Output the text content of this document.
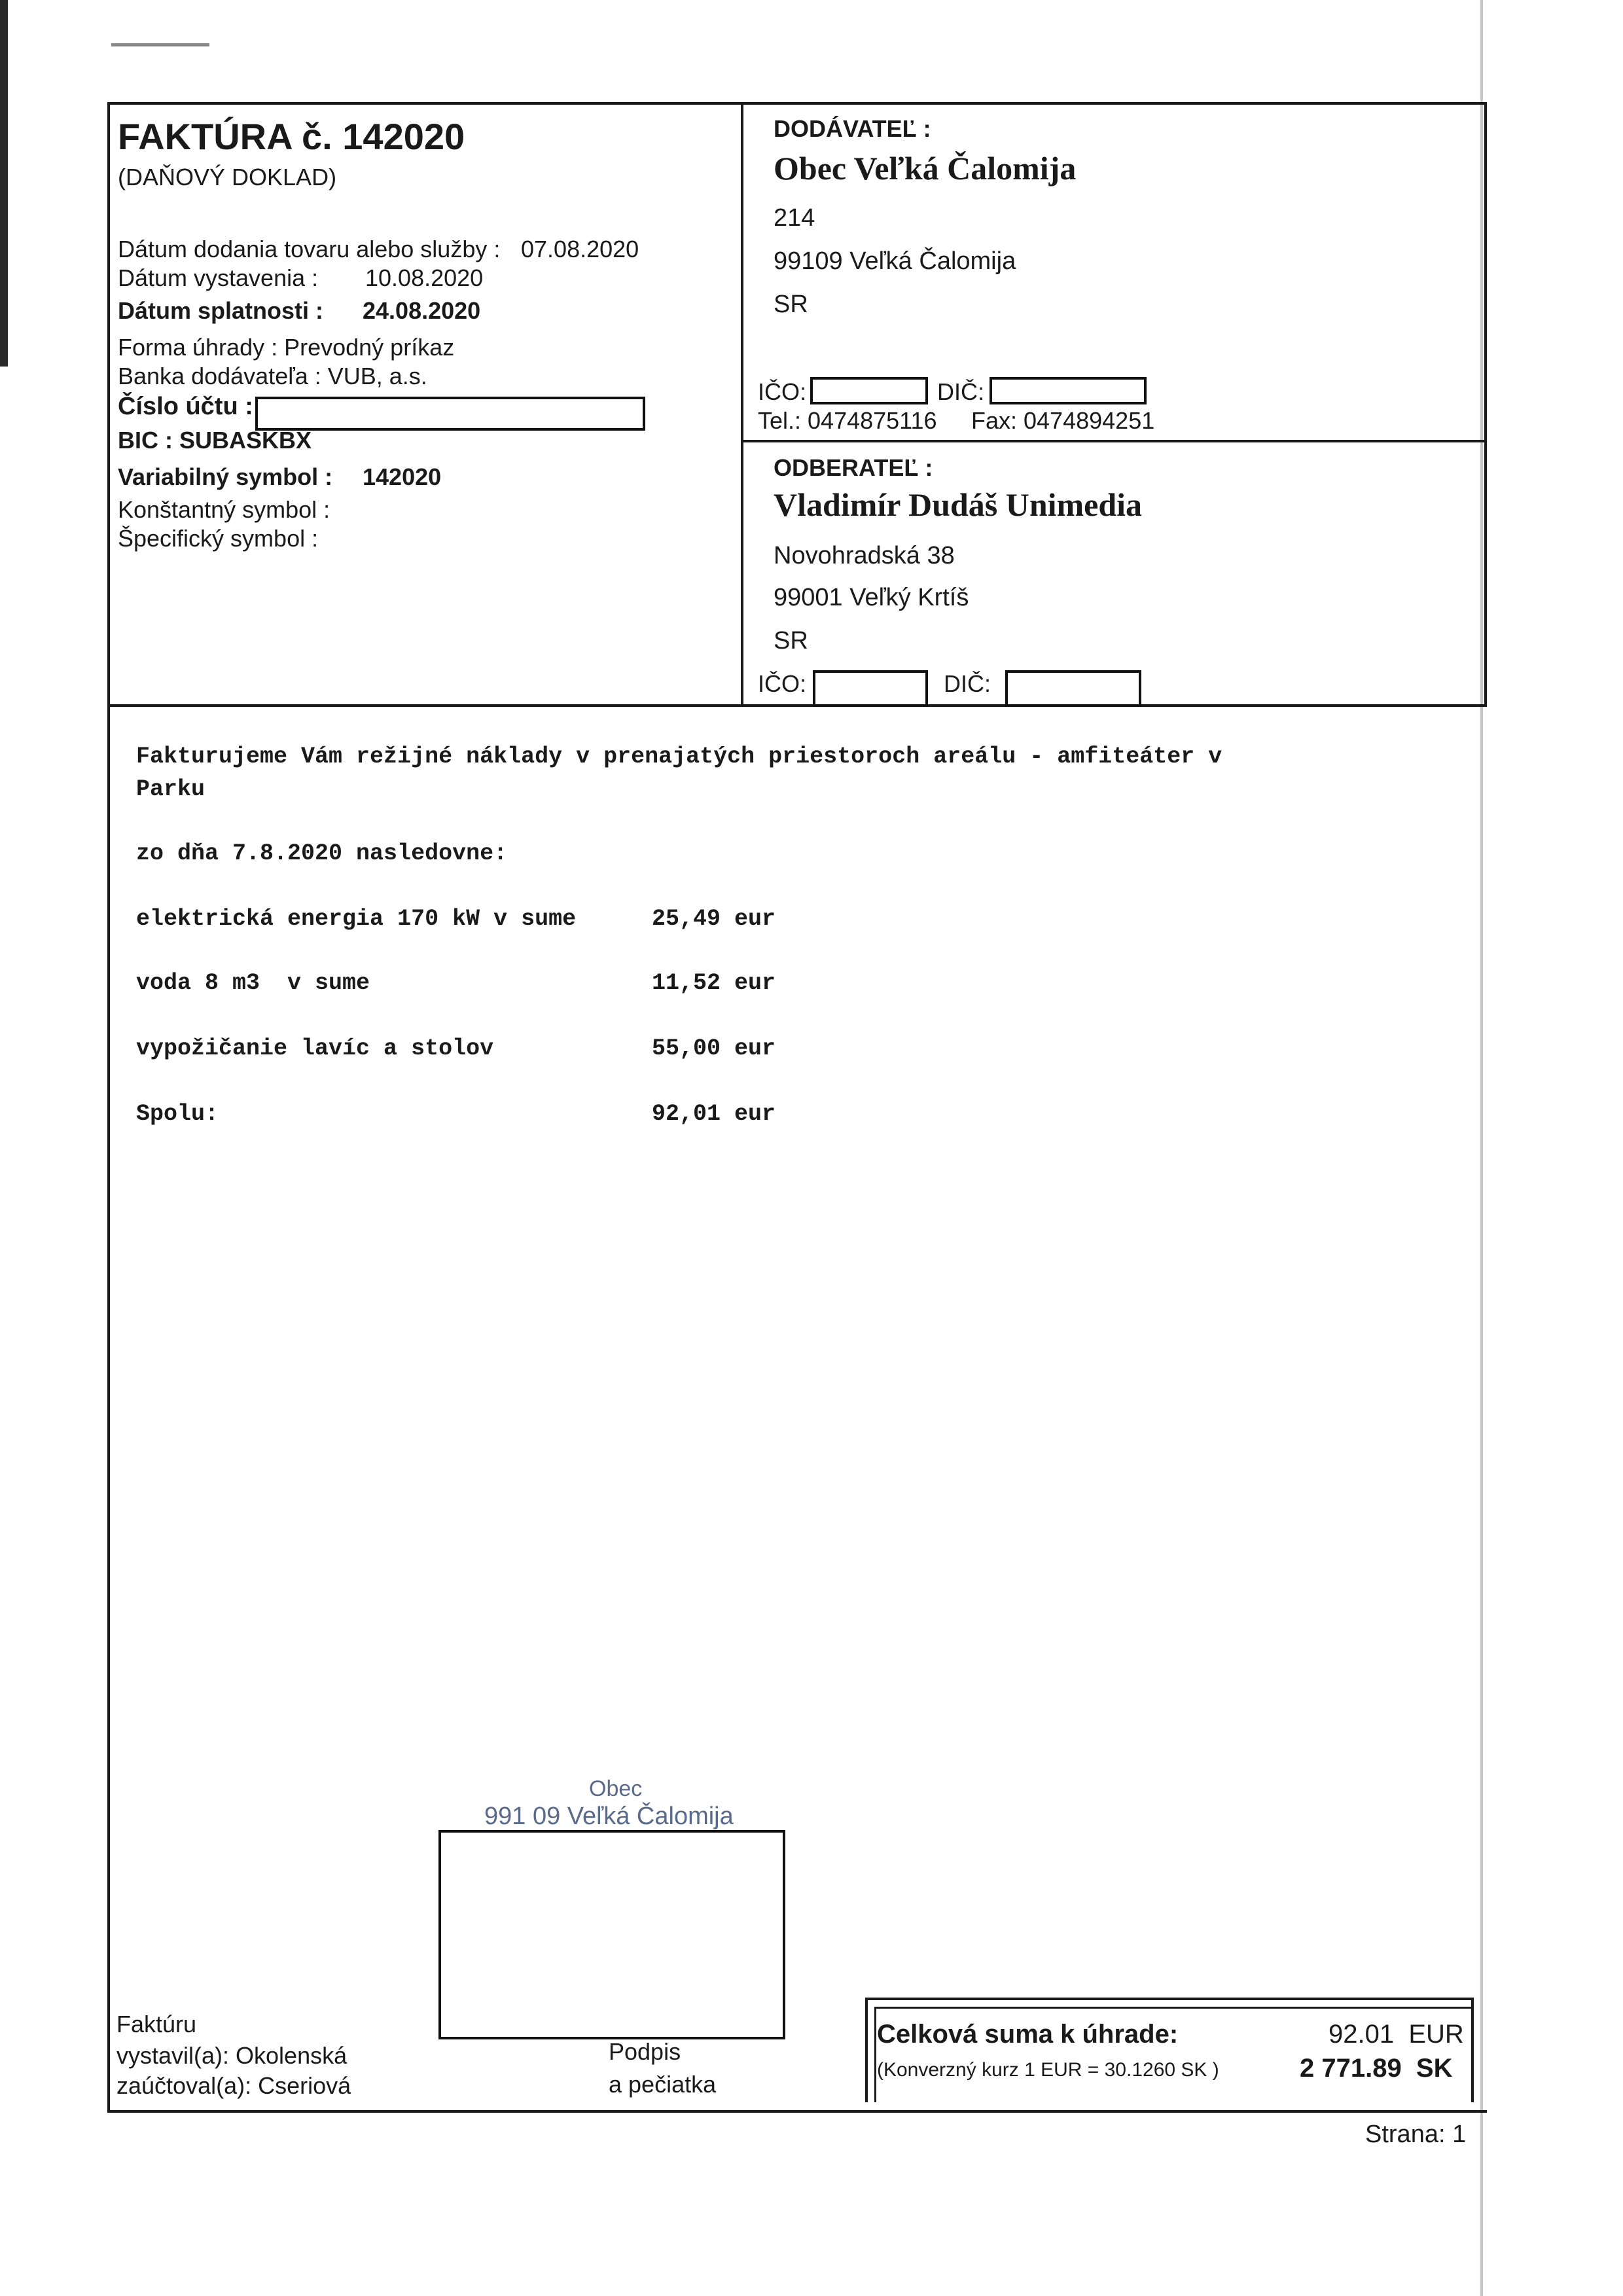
FAKTÚRA č. 142020
(DAŇOVÝ DOKLAD)
Dátum dodania tovaru alebo služby : 07.08.2020
Dátum vystavenia : 10.08.2020
Dátum splatnosti : 24.08.2020
Forma úhrady : Prevodný príkaz
Banka dodávateľa : VUB, a.s.
Číslo účtu :
BIC : SUBASKBX
Variabilný symbol : 142020
Konštantný symbol :
Špecifický symbol :
DODÁVATEĽ :
Obec Veľká Čalomija
214
99109 Veľká Čalomija
SR
IČO:	DIČ:
Tel.: 0474875116 Fax: 0474894251
ODBERATEĽ :
Vladimír Dudáš Unimedia
Novohradská 38
99001 Veľký Krtíš
SR
IČO:	DIČ:
Fakturujeme Vám režijné náklady v prenajatých priestoroch areálu - amfiteáter v
Parku
zo dňa 7.8.2020 nasledovne:
elektrická energia 170 kW v sume	25,49 eur
voda 8 m3  v sume	11,52 eur
vypožičanie lavíc a stolov	55,00 eur
Spolu:	92,01 eur
Obec
991 09 Veľká Čalomija
Faktúru
vystavil(a): Okolenská
zaúčtoval(a): Cseriová
Podpis
a pečiatka
Celková suma k úhrade:	92.01  EUR
(Konverzný kurz 1 EUR = 30.1260 SK )	2 771.89  SK
Strana: 1
